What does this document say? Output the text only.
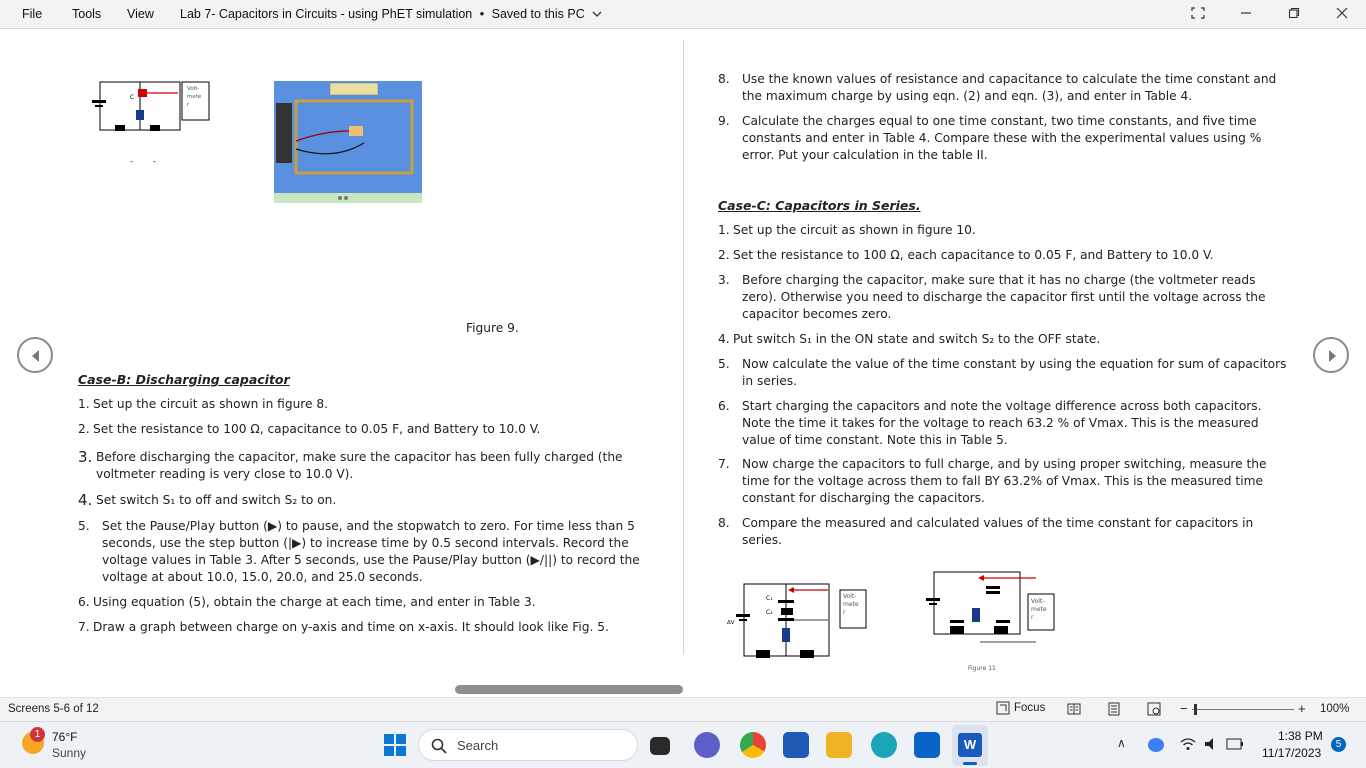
File Tools View Lab 7- Capacitors in Circuits - using PhET simulation • Saved to this PC
C
Volt-
mete
r
-	-
Figure 9.
Case-B: Discharging capacitor
1. Set up the circuit as shown in figure 8.
2. Set the resistance to 100 Ω, capacitance to 0.05 F, and Battery to 10.0 V.
3. Before discharging the capacitor, make sure the capacitor has been fully charged (the voltmeter reading is very close to 10.0 V).
4. Set switch S₁ to off and switch S₂ to on.
5.	Set the Pause/Play button (▶) to pause, and the stopwatch to zero. For time less than 5 seconds, use the step button (|▶) to increase time by 0.5 second intervals. Record the voltage values in Table 3. After 5 seconds, use the Pause/Play button (▶/||) to record the voltage at about 10.0, 15.0, 20.0, and 25.0 seconds.
6. Using equation (5), obtain the charge at each time, and enter in Table 3.
7. Draw a graph between charge on y-axis and time on x-axis. It should look like Fig. 5.
8.	Use the known values of resistance and capacitance to calculate the time constant and the maximum charge by using eqn. (2) and eqn. (3), and enter in Table 4.
9.	Calculate the charges equal to one time constant, two time constants, and five time constants and enter in Table 4. Compare these with the experimental values using % error. Put your calculation in the table II.
Case-C: Capacitors in Series.
1. Set up the circuit as shown in figure 10.
2. Set the resistance to 100 Ω, each capacitance to 0.05 F, and Battery to 10.0 V.
3.	Before charging the capacitor, make sure that it has no charge (the voltmeter reads zero). Otherwise you need to discharge the capacitor first until the voltage across the capacitor becomes zero.
4. Put switch S₁ in the ON state and switch S₂ to the OFF state.
5.	Now calculate the value of the time constant by using the equation for sum of capacitors in series.
6.	Start charging the capacitors and note the voltage difference across both capacitors. Note the time it takes for the voltage to reach 63.2 % of Vmax. This is the measured value of time constant. Note this in Table 5.
7.	Now charge the capacitors to full charge, and by using proper switching, measure the time for the voltage across them to fall BY 63.2% of Vmax. This is the measured time constant for discharging the capacitors.
8.	Compare the measured and calculated values of the time constant for capacitors in series.
Volt-
mete
r
C₁
C₂
ΔV
Volt-
mete
r
Figure 11
Screens 5-6 of 12	Focus	−	+ 100%
1 76°F
Sunny	Search	W	∧	1:38 PM
11/17/2023
5
